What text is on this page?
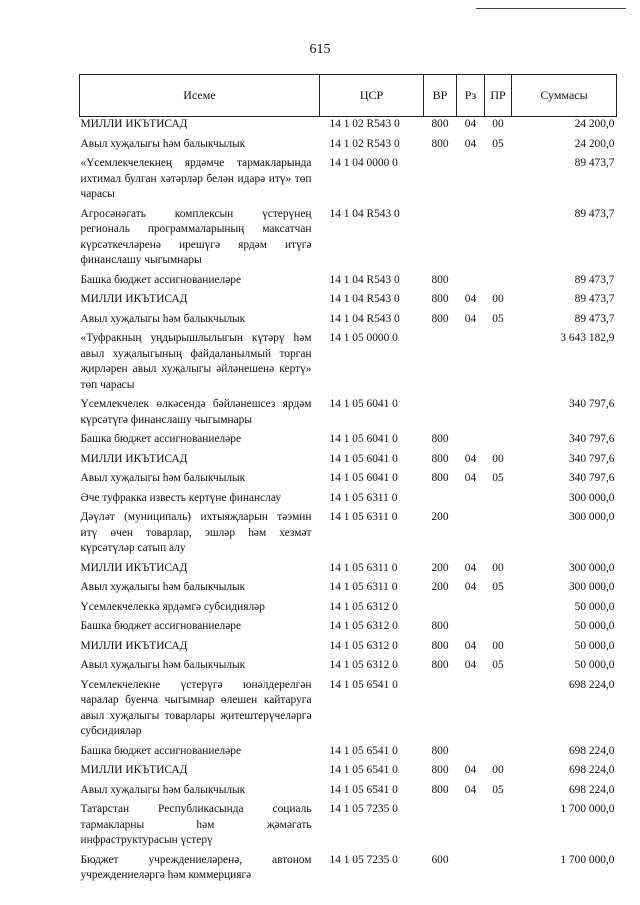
615
Исеме	ЦСР	ВР	Рз	ПР	Суммасы
МИЛЛИ ИКЪТИСАД	14 1 02 R543 0	800	04	00	24 200,0
Авыл хуҗалыгы һәм балыкчылык	14 1 02 R543 0	800	04	05	24 200,0
«Үсемлекчелекнең ярдәмче тармакларында ихтимал булган хәтәрләр белән идарә итү» төп чарасы	14 1 04 0000 0				89 473,7
Агросәнәгать комплексын үстерүнең региональ программаларының максатчан күрсәткечләренә ирешүгә ярдәм итүгә финанслашу чыгымнары	14 1 04 R543 0				89 473,7
Башка бюджет ассигнованиеләре	14 1 04 R543 0	800			89 473,7
МИЛЛИ ИКЪТИСАД	14 1 04 R543 0	800	04	00	89 473,7
Авыл хуҗалыгы һәм балыкчылык	14 1 04 R543 0	800	04	05	89 473,7
«Туфракның уңдырышлылыгын күтәрү һәм авыл хуҗалыгының файдаланылмый торган җирләрен авыл хуҗалыгы әйләнешенә кертү» төп чарасы	14 1 05 0000 0				3 643 182,9
Үсемлекчелек өлкәсендә бәйләнешсез ярдәм күрсәтүгә финанслашу чыгымнары	14 1 05 6041 0				340 797,6
Башка бюджет ассигнованиеләре	14 1 05 6041 0	800			340 797,6
МИЛЛИ ИКЪТИСАД	14 1 05 6041 0	800	04	00	340 797,6
Авыл хуҗалыгы һәм балыкчылык	14 1 05 6041 0	800	04	05	340 797,6
Әче туфракка известь кертүне финанслау	14 1 05 6311 0				300 000,0
Дәүләт (муниципаль) ихтыяҗларын тәэмин итү өчен товарлар, эшләр һәм хезмәт күрсәтүләр сатып алу	14 1 05 6311 0	200			300 000,0
МИЛЛИ ИКЪТИСАД	14 1 05 6311 0	200	04	00	300 000,0
Авыл хуҗалыгы һәм балыкчылык	14 1 05 6311 0	200	04	05	300 000,0
Үсемлекчелеккә ярдәмгә субсидияләр	14 1 05 6312 0				50 000,0
Башка бюджет ассигнованиеләре	14 1 05 6312 0	800			50 000,0
МИЛЛИ ИКЪТИСАД	14 1 05 6312 0	800	04	00	50 000,0
Авыл хуҗалыгы һәм балыкчылык	14 1 05 6312 0	800	04	05	50 000,0
Үсемлекчелекне үстерүгә юнәлдерелгән чаралар буенча чыгымнар өлешен кайтаруга авыл хуҗалыгы товарлары җитештерүчеләргә субсидияләр	14 1 05 6541 0				698 224,0
Башка бюджет ассигнованиеләре	14 1 05 6541 0	800			698 224,0
МИЛЛИ ИКЪТИСАД	14 1 05 6541 0	800	04	00	698 224,0
Авыл хуҗалыгы һәм балыкчылык	14 1 05 6541 0	800	04	05	698 224,0
Татарстан Республикасында социаль тармакларны һәм җәмәгать инфраструктурасын үстерү	14 1 05 7235 0				1 700 000,0
Бюджет учреждениеләренә, автоном учреждениеләргә һәм коммерциягә	14 1 05 7235 0	600			1 700 000,0
